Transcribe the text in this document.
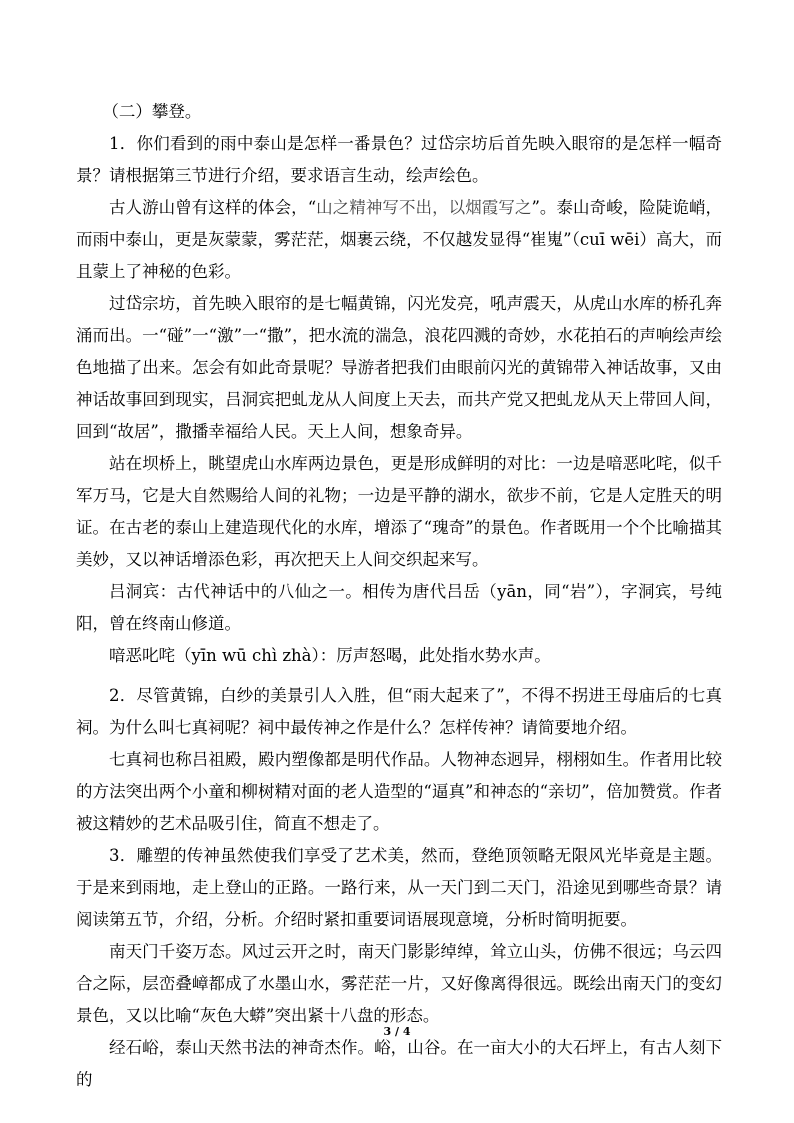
（二）攀登。

1．你们看到的雨中泰山是怎样一番景色？过岱宗坊后首先映入眼帘的是怎样一幅奇景？请根据第三节进行介绍，要求语言生动，绘声绘色。

古人游山曾有这样的体会，“山之精神写不出，以烟霞写之”。泰山奇峻，险陡诡峭，而雨中泰山，更是灰蒙蒙，雾茫茫，烟裹云绕，不仅越发显得“崔嵬”（cuī wēi）高大，而且蒙上了神秘的色彩。

过岱宗坊，首先映入眼帘的是七幅黄锦，闪光发亮，吼声震天，从虎山水库的桥孔奔涌而出。一“碰”一“激”一“撒”，把水流的湍急，浪花四溅的奇妙，水花拍石的声响绘声绘色地描了出来。怎会有如此奇景呢？导游者把我们由眼前闪光的黄锦带入神话故事，又由神话故事回到现实，吕洞宾把虬龙从人间度上天去，而共产党又把虬龙从天上带回人间，回到“故居”，撒播幸福给人民。天上人间，想象奇异。

站在坝桥上，眺望虎山水库两边景色，更是形成鲜明的对比：一边是喑恶叱咤，似千军万马，它是大自然赐给人间的礼物；一边是平静的湖水，欲步不前，它是人定胜天的明证。在古老的泰山上建造现代化的水库，增添了“瑰奇”的景色。作者既用一个个比喻描其美妙，又以神话增添色彩，再次把天上人间交织起来写。

吕洞宾：古代神话中的八仙之一。相传为唐代吕岳（yān，同“岩”），字洞宾，号纯阳，曾在终南山修道。

喑恶叱咤（yīn wū chì zhà）：厉声怒喝，此处指水势水声。

2．尽管黄锦，白纱的美景引人入胜，但“雨大起来了”，不得不拐进王母庙后的七真祠。为什么叫七真祠呢？祠中最传神之作是什么？怎样传神？请简要地介绍。

七真祠也称吕祖殿，殿内塑像都是明代作品。人物神态迥异，栩栩如生。作者用比较的方法突出两个小童和柳树精对面的老人造型的“逼真”和神态的“亲切”，倍加赞赏。作者被这精妙的艺术品吸引住，简直不想走了。

3．雕塑的传神虽然使我们享受了艺术美，然而，登绝顶领略无限风光毕竟是主题。于是来到雨地，走上登山的正路。一路行来，从一天门到二天门，沿途见到哪些奇景？请阅读第五节，介绍，分析。介绍时紧扣重要词语展现意境，分析时简明扼要。

南天门千姿万态。风过云开之时，南天门影影绰绰，耸立山头，仿佛不很远；乌云四合之际，层峦叠嶂都成了水墨山水，雾茫茫一片，又好像离得很远。既绘出南天门的变幻景色，又以比喻“灰色大蟒”突出紧十八盘的形态。

经石峪，泰山天然书法的神奇杰作。峪，山谷。在一亩大小的大石坪上，有古人刻下的

3 / 4
